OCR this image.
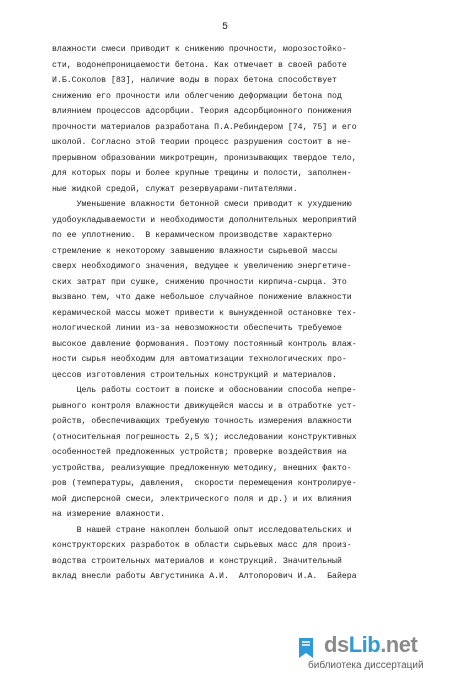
5
влажности смеси приводит к снижению прочности, морозостойко-
сти, водонепроницаемости бетона. Как отмечает в своей работе
И.Б.Соколов [83], наличие воды в порах бетона способствует
снижению его прочности или облегчению деформации бетона под
влиянием процессов адсорбции. Теория адсорбционного понижения
прочности материалов разработана П.А.Ребиндером [74, 75] и его
школой. Согласно этой теории процесс разрушения состоит в не-
прерывном образовании микротрещин, пронизывающих твердое тело,
для которых поры и более крупные трещины и полости, заполнен-
ные жидкой средой, служат резервуарами-питателями.
Уменьшение влажности бетонной смеси приводит к ухудшению
удобоукладываемости и необходимости дополнительных мероприятий
по ее уплотнению.  В керамическом производстве характерно
стремление к некоторому завышению влажности сырьевой массы
сверх необходимого значения, ведущее к увеличению энергетиче-
ских затрат при сушке, снижению прочности кирпича-сырца. Это
вызвано тем, что даже небольшое случайное понижение влажности
керамической массы может привести к вынужденной остановке тех-
нологической линии из-за невозможности обеспечить требуемое
высокое давление формования. Поэтому постоянный контроль влаж-
ности сырья необходим для автоматизации технологических про-
цессов изготовления строительных конструкций и материалов.
Цель работы состоит в поиске и обосновании способа непре-
рывного контроля влажности движущейся массы и в отработке уст-
ройств, обеспечивающих требуемую точность измерения влажности
(относительная погрешность 2,5 %); исследовании конструктивных
особенностей предложенных устройств; проверке воздействия на
устройства, реализующие предложенную методику, внешних факто-
ров (температуры, давления,  скорости перемещения контролируе-
мой дисперсной смеси, электрического поля и др.) и их влияния
на измерение влажности.
В нашей стране накоплен большой опыт исследовательских и
конструкторских разработок в области сырьевых масс для произ-
водства строительных материалов и конструкций. Значительный
вклад внесли работы Августиника А.И.  Алтопорович И.А.  Байера
dsLib.net
библиотека диссертаций
